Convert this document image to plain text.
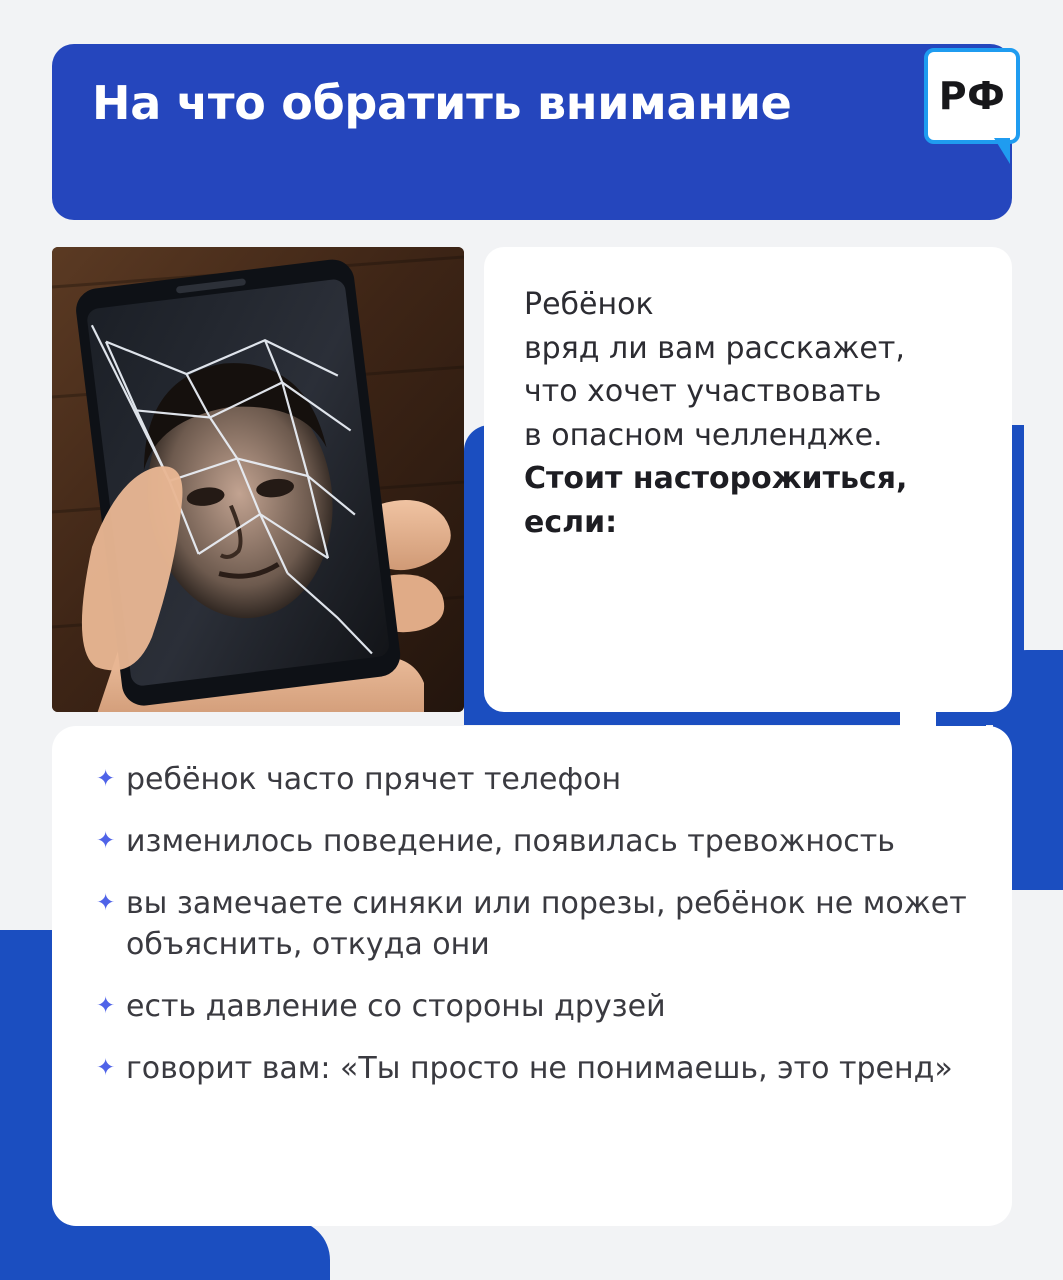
На что обратить внимание	РФ
Ребёнок
вряд ли вам расскажет,
что хочет участвовать
в опасном челлендже.
Стоит насторожиться,
если:
✦ ребёнок часто прячет телефон
✦ изменилось поведение, появилась тревожность
✦ вы замечаете синяки или порезы, ребёнок не может объяснить, откуда они
✦ есть давление со стороны друзей
✦ говорит вам: «Ты просто не понимаешь, это тренд»
